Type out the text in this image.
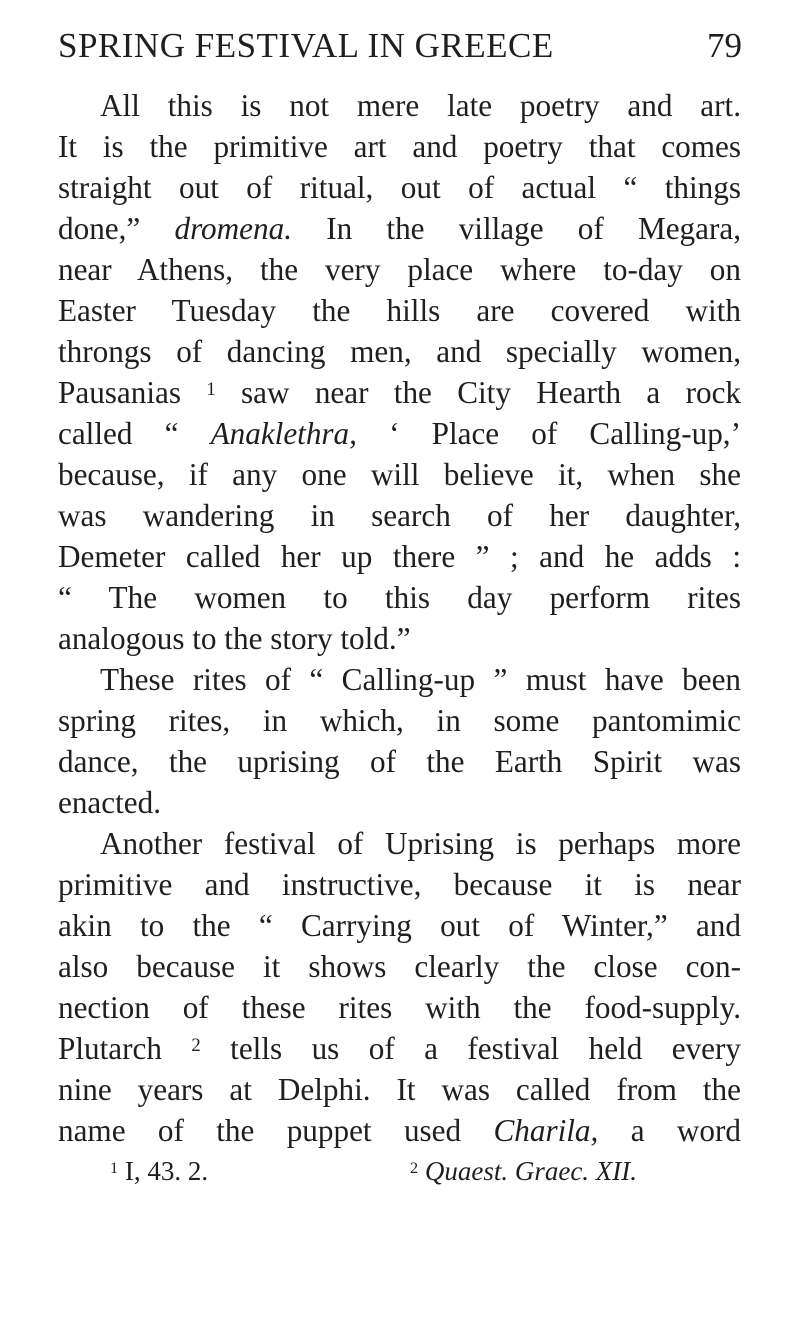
SPRING FESTIVAL IN GREECE	79
All this is not mere late poetry and art.
It is the primitive art and poetry that comes
straight out of ritual, out of actual “ things
done,” dromena. In the village of Megara,
near Athens, the very place where to-day on
Easter Tuesday the hills are covered with
throngs of dancing men, and specially women,
Pausanias $^1$ saw near the City Hearth a rock
called “ Anaklethra, ‘ Place of Calling-up,’
because, if any one will believe it, when she
was wandering in search of her daughter,
Demeter called her up there ” ; and he adds :
“ The women to this day perform rites
analogous to the story told.”
These rites of “ Calling-up ” must have been
spring rites, in which, in some pantomimic
dance, the uprising of the Earth Spirit was
enacted.
Another festival of Uprising is perhaps more
primitive and instructive, because it is near
akin to the “ Carrying out of Winter,” and
also because it shows clearly the close con-
nection of these rites with the food-supply.
Plutarch $^2$ tells us of a festival held every
nine years at Delphi. It was called from the
name of the puppet used Charila, a word
$^1$ I, 43. 2.	$^2$ Quaest. Graec. XII.
